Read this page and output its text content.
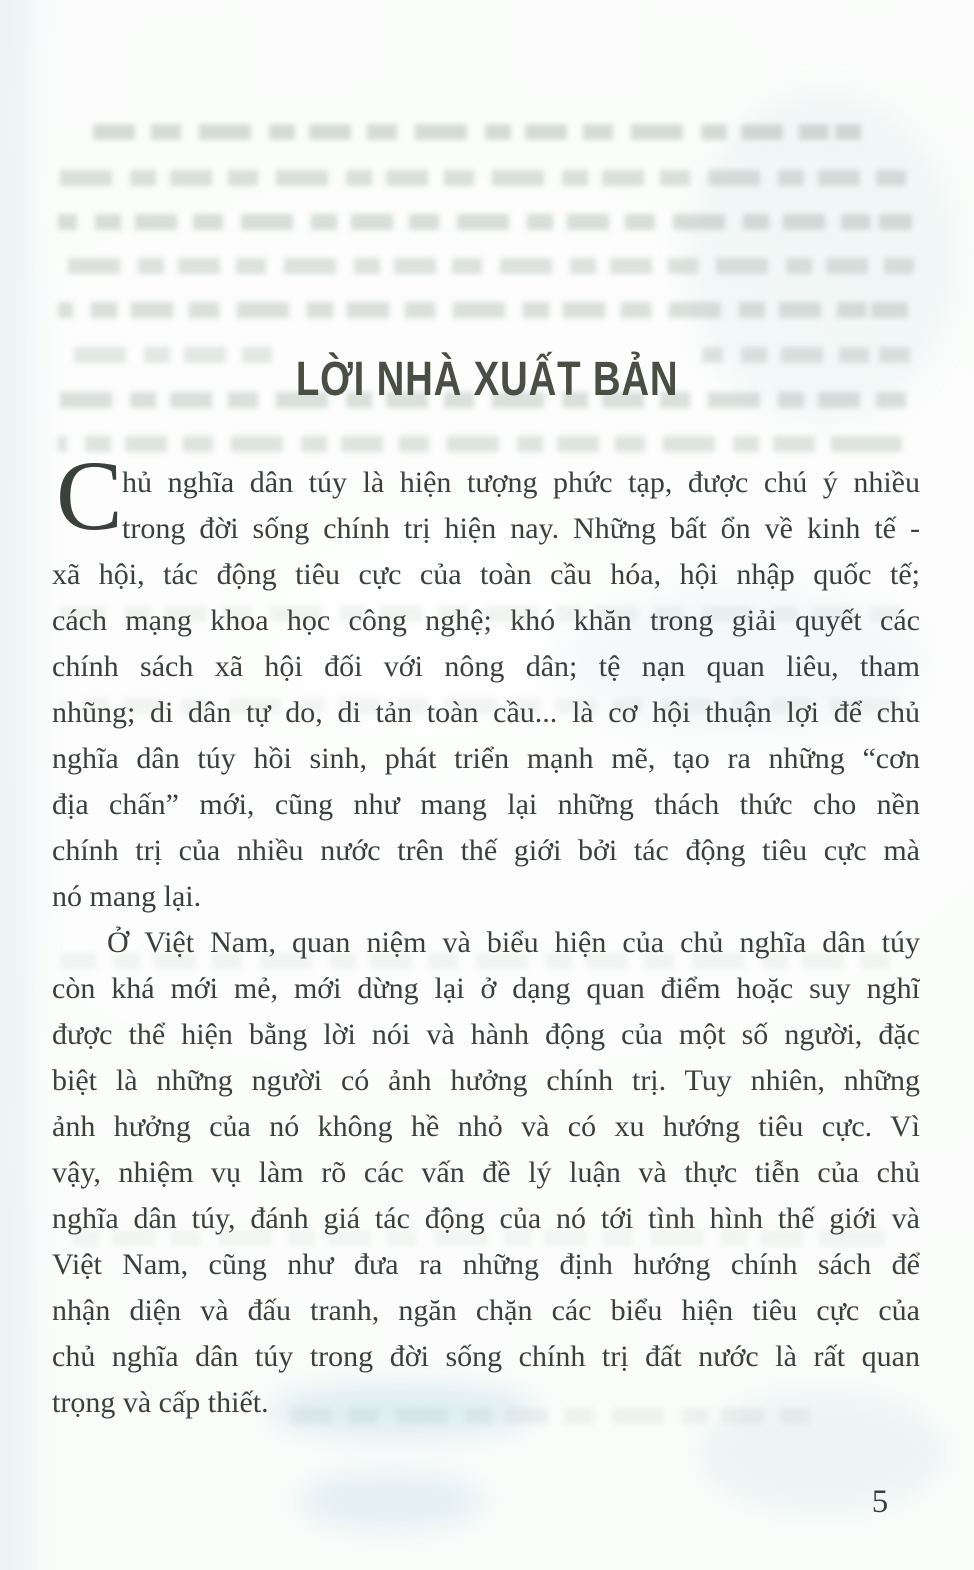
LỜI NHÀ XUẤT BẢN
C hủ nghĩa dân túy là hiện tượng phức tạp, được chú ý nhiều
trong đời sống chính trị hiện nay. Những bất ổn về kinh tế -
xã hội, tác động tiêu cực của toàn cầu hóa, hội nhập quốc tế;
cách mạng khoa học công nghệ; khó khăn trong giải quyết các
chính sách xã hội đối với nông dân; tệ nạn quan liêu, tham
nhũng; di dân tự do, di tản toàn cầu... là cơ hội thuận lợi để chủ
nghĩa dân túy hồi sinh, phát triển mạnh mẽ, tạo ra những “cơn
địa chấn” mới, cũng như mang lại những thách thức cho nền
chính trị của nhiều nước trên thế giới bởi tác động tiêu cực mà
nó mang lại.
Ở Việt Nam, quan niệm và biểu hiện của chủ nghĩa dân túy
còn khá mới mẻ, mới dừng lại ở dạng quan điểm hoặc suy nghĩ
được thể hiện bằng lời nói và hành động của một số người, đặc
biệt là những người có ảnh hưởng chính trị. Tuy nhiên, những
ảnh hưởng của nó không hề nhỏ và có xu hướng tiêu cực. Vì
vậy, nhiệm vụ làm rõ các vấn đề lý luận và thực tiễn của chủ
nghĩa dân túy, đánh giá tác động của nó tới tình hình thế giới và
Việt Nam, cũng như đưa ra những định hướng chính sách để
nhận diện và đấu tranh, ngăn chặn các biểu hiện tiêu cực của
chủ nghĩa dân túy trong đời sống chính trị đất nước là rất quan
trọng và cấp thiết.
5
